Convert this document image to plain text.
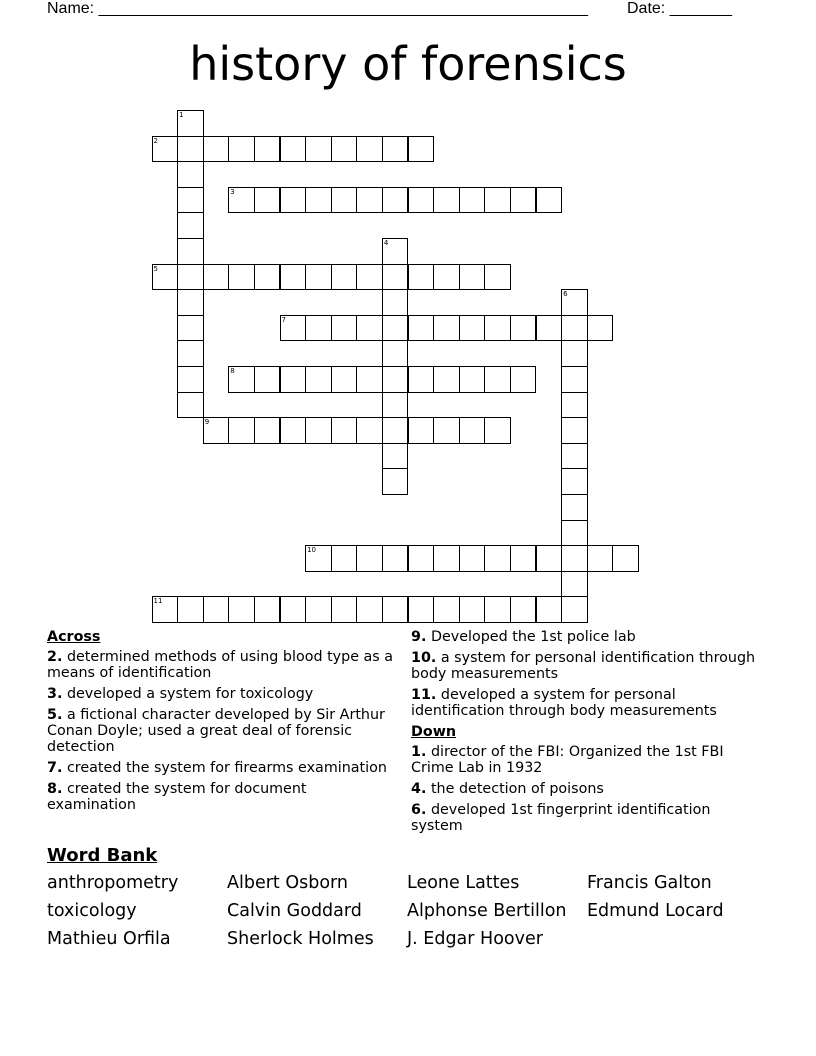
Name: _______________________________________________________ Date: _______
history of forensics
1
2
3
4
5
6
7
8
9
10
11
Across
2. determined methods of using blood type as a means of identification
3. developed a system for toxicology
5. a fictional character developed by Sir Arthur Conan Doyle; used a great deal of forensic detection
7. created the system for firearms examination
8. created the system for document examination
9. Developed the 1st police lab
10. a system for personal identification through body measurements
11. developed a system for personal identification through body measurements
Down
1. director of the FBI: Organized the 1st FBI Crime Lab in 1932
4. the detection of poisons
6. developed 1st fingerprint identification system
Word Bank
anthropometry	Albert Osborn	Leone Lattes	Francis Galton
toxicology	Calvin Goddard	Alphonse Bertillon	Edmund Locard
Mathieu Orfila	Sherlock Holmes	J. Edgar Hoover
